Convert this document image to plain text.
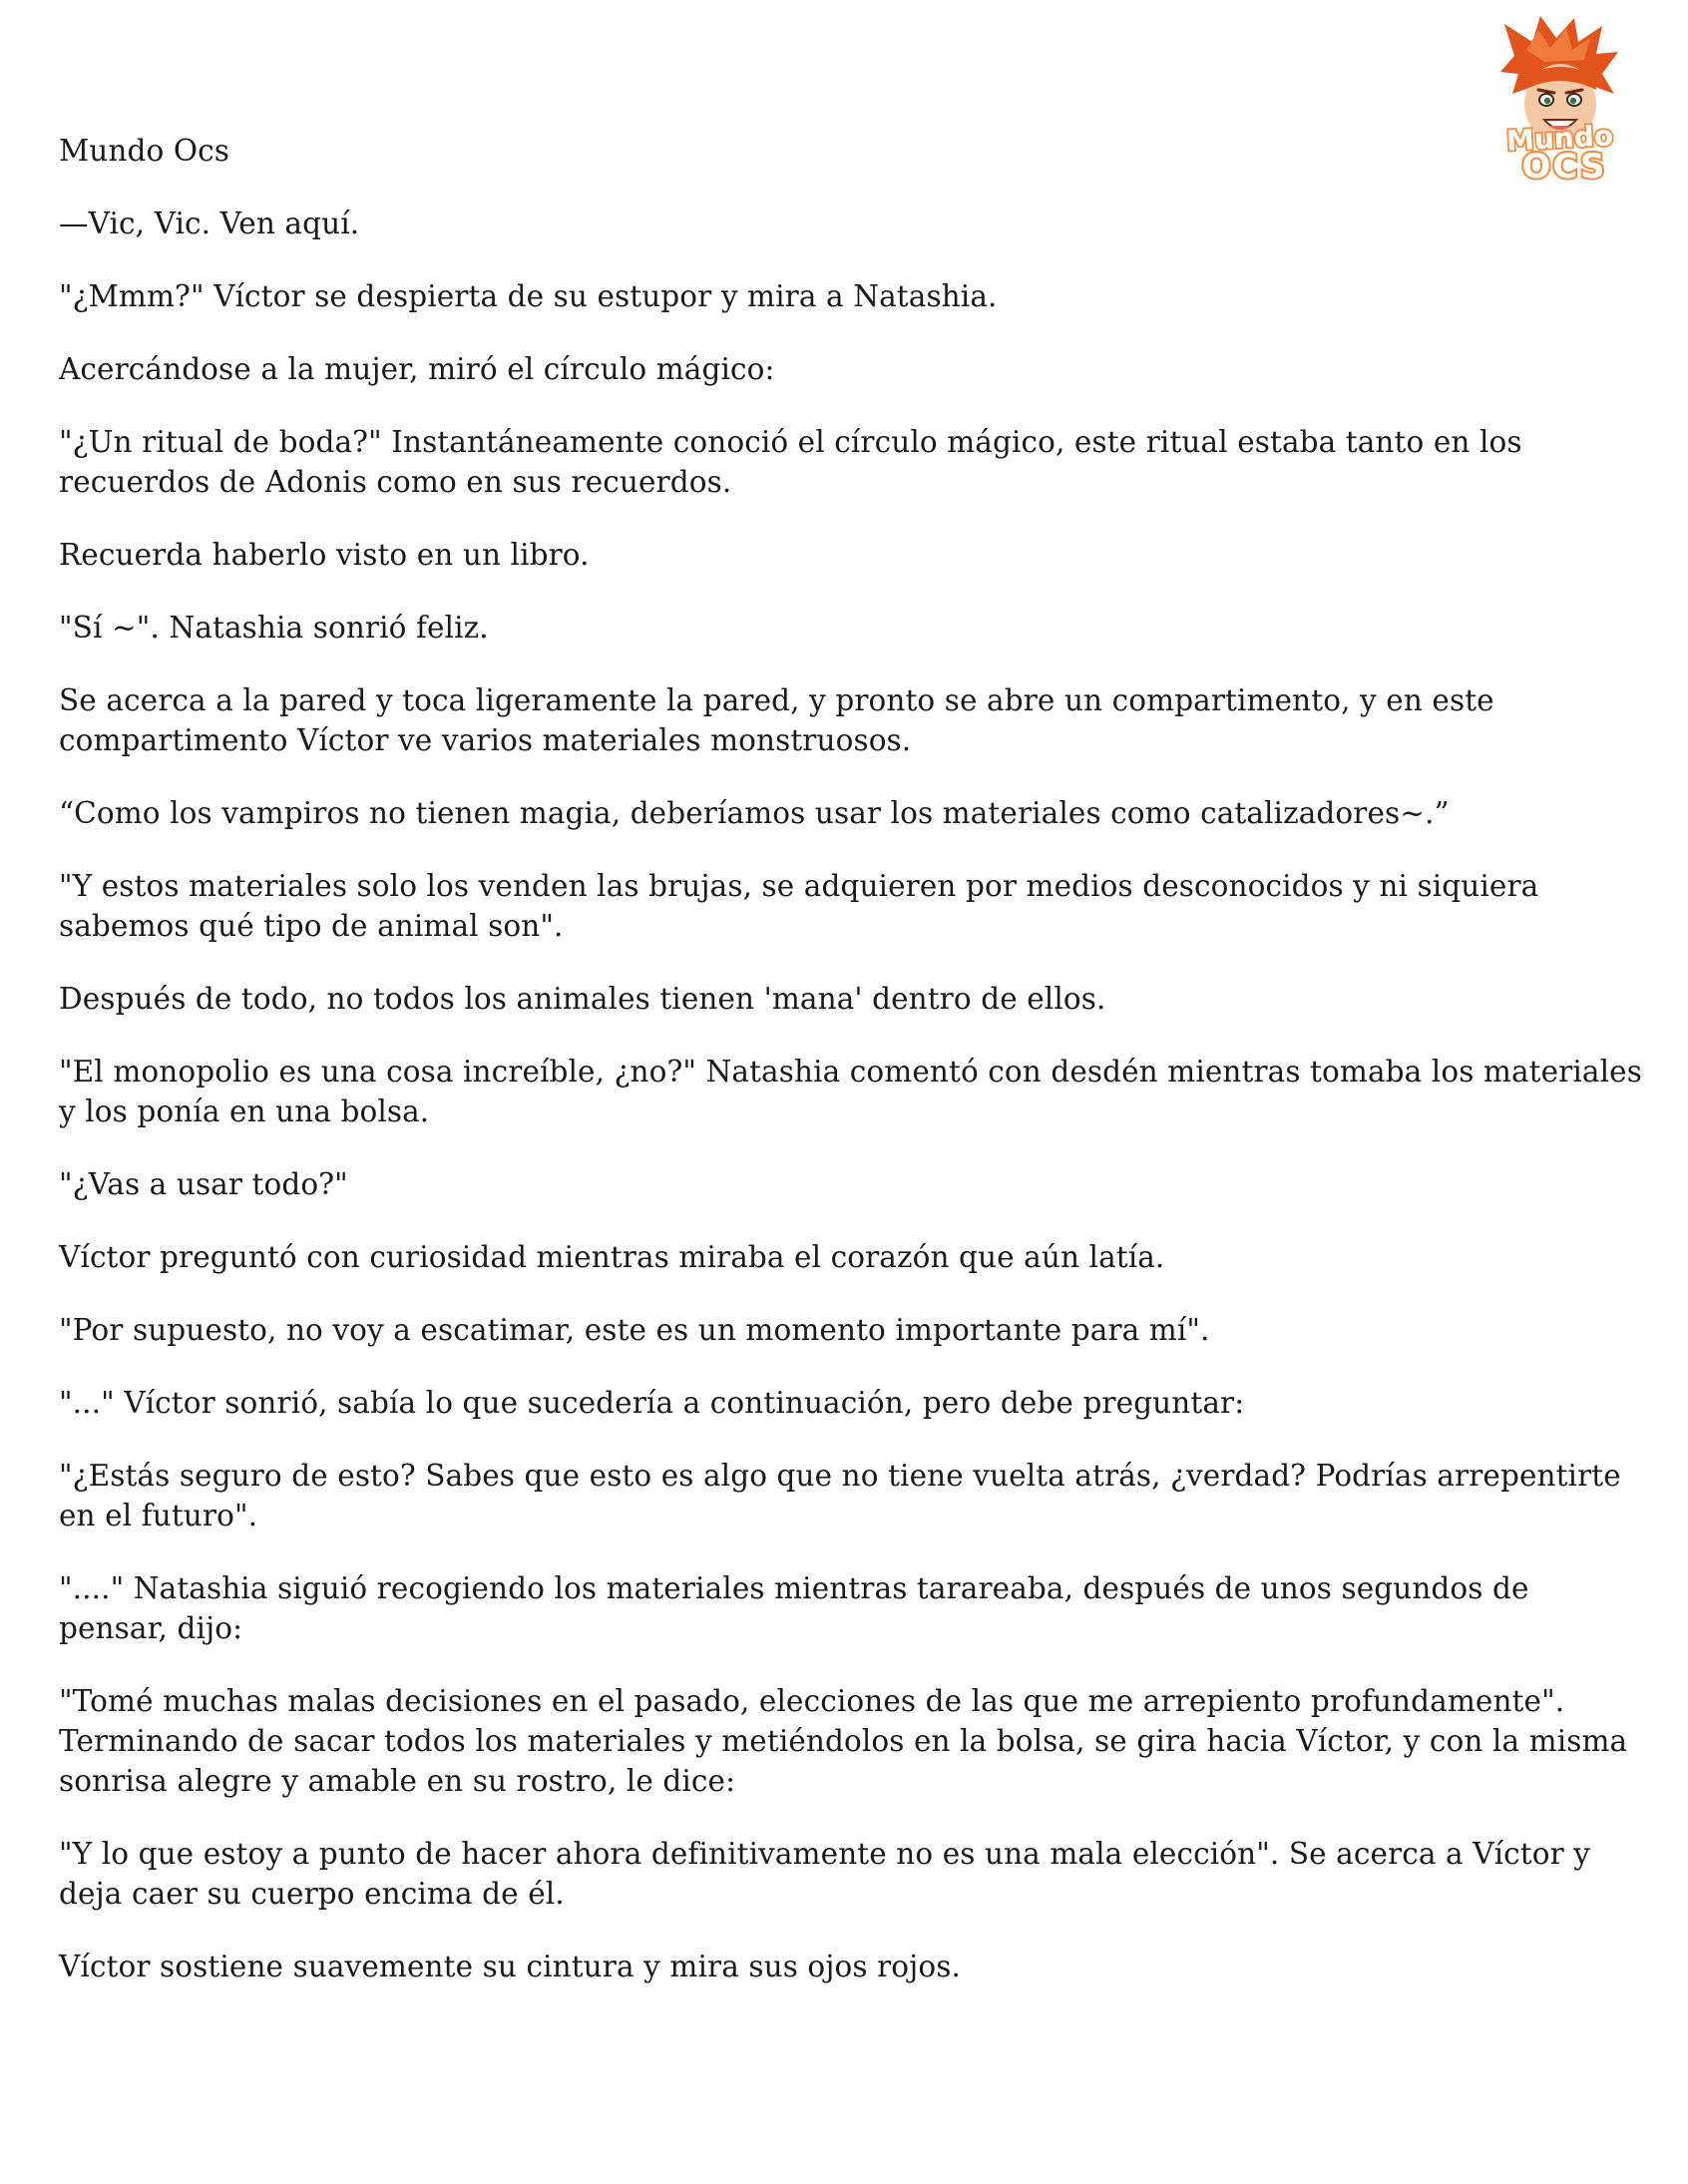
Mundo
OCS

Mundo Ocs

—Vic, Vic. Ven aquí.

"¿Mmm?" Víctor se despierta de su estupor y mira a Natashia.

Acercándose a la mujer, miró el círculo mágico:

"¿Un ritual de boda?" Instantáneamente conoció el círculo mágico, este ritual estaba tanto en los recuerdos de Adonis como en sus recuerdos.

Recuerda haberlo visto en un libro.

"Sí ~". Natashia sonrió feliz.

Se acerca a la pared y toca ligeramente la pared, y pronto se abre un compartimento, y en este compartimento Víctor ve varios materiales monstruosos.

“Como los vampiros no tienen magia, deberíamos usar los materiales como catalizadores~.”

"Y estos materiales solo los venden las brujas, se adquieren por medios desconocidos y ni siquiera sabemos qué tipo de animal son".

Después de todo, no todos los animales tienen 'mana' dentro de ellos.

"El monopolio es una cosa increíble, ¿no?" Natashia comentó con desdén mientras tomaba los materiales y los ponía en una bolsa.

"¿Vas a usar todo?"

Víctor preguntó con curiosidad mientras miraba el corazón que aún latía.

"Por supuesto, no voy a escatimar, este es un momento importante para mí".

"..." Víctor sonrió, sabía lo que sucedería a continuación, pero debe preguntar:

"¿Estás seguro de esto? Sabes que esto es algo que no tiene vuelta atrás, ¿verdad? Podrías arrepentirte en el futuro".

"...." Natashia siguió recogiendo los materiales mientras tarareaba, después de unos segundos de pensar, dijo:

"Tomé muchas malas decisiones en el pasado, elecciones de las que me arrepiento profundamente". Terminando de sacar todos los materiales y metiéndolos en la bolsa, se gira hacia Víctor, y con la misma sonrisa alegre y amable en su rostro, le dice:

"Y lo que estoy a punto de hacer ahora definitivamente no es una mala elección". Se acerca a Víctor y deja caer su cuerpo encima de él.

Víctor sostiene suavemente su cintura y mira sus ojos rojos.
